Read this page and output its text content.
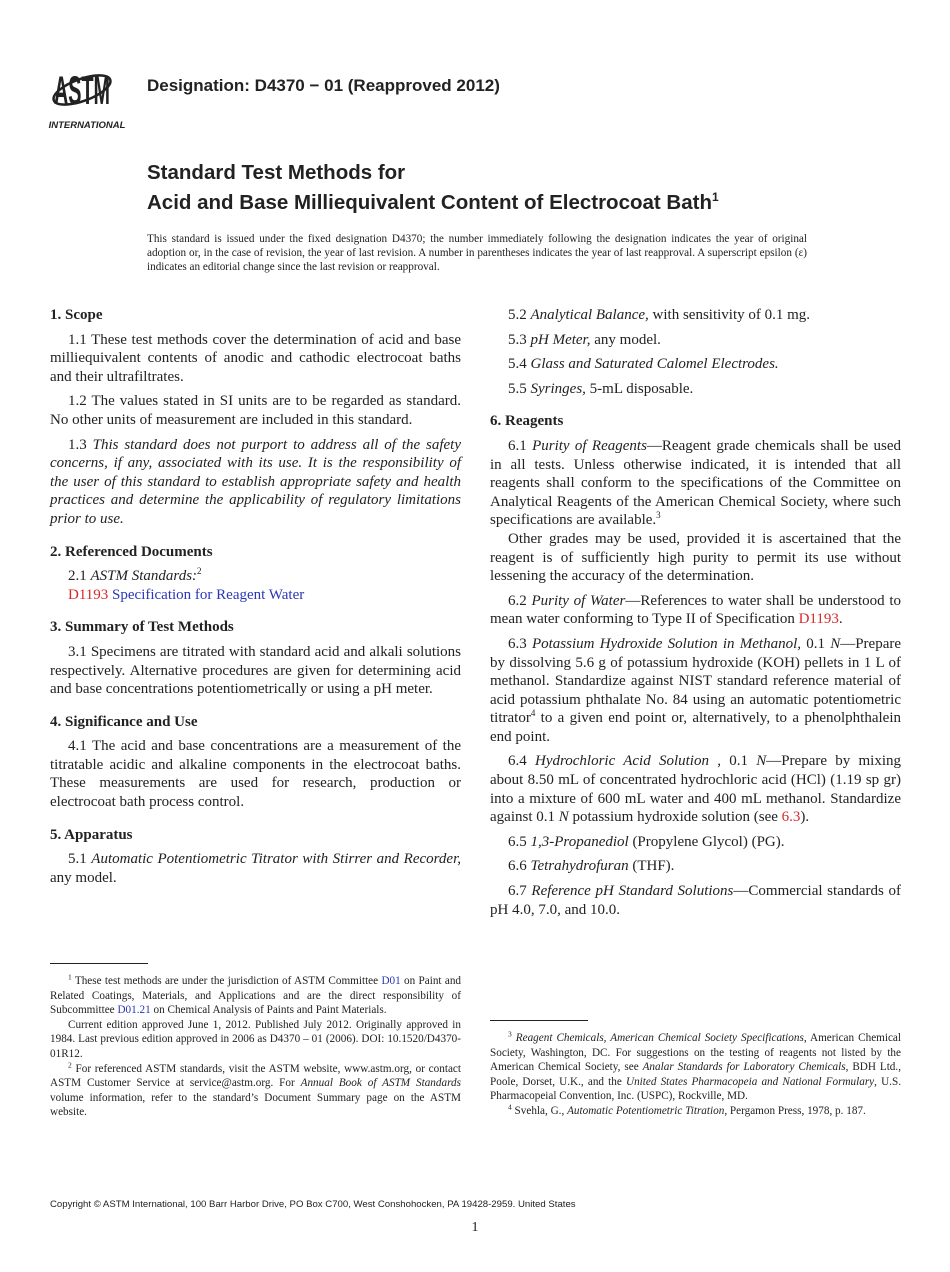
ASTM
INTERNATIONAL
Designation: D4370 − 01 (Reapproved 2012)
Standard Test Methods for
Acid and Base Milliequivalent Content of Electrocoat Bath$^1$
This standard is issued under the fixed designation D4370; the number immediately following the designation indicates the year of original adoption or, in the case of revision, the year of last revision. A number in parentheses indicates the year of last reapproval. A superscript epsilon (ε) indicates an editorial change since the last revision or reapproval.
1. Scope
1.1 These test methods cover the determination of acid and base milliequivalent contents of anodic and cathodic electrocoat baths and their ultrafiltrates.
1.2 The values stated in SI units are to be regarded as standard. No other units of measurement are included in this standard.
1.3 This standard does not purport to address all of the safety concerns, if any, associated with its use. It is the responsibility of the user of this standard to establish appropriate safety and health practices and determine the applicability of regulatory limitations prior to use.
2. Referenced Documents
2.1 ASTM Standards:$^2$
D1193 Specification for Reagent Water
3. Summary of Test Methods
3.1 Specimens are titrated with standard acid and alkali solutions respectively. Alternative procedures are given for determining acid and base concentrations potentiometrically or using a pH meter.
4. Significance and Use
4.1 The acid and base concentrations are a measurement of the titratable acidic and alkaline components in the electrocoat baths. These measurements are used for research, production or electrocoat bath process control.
5. Apparatus
5.1 Automatic Potentiometric Titrator with Stirrer and Recorder, any model.
5.2 Analytical Balance, with sensitivity of 0.1 mg.
5.3 pH Meter, any model.
5.4 Glass and Saturated Calomel Electrodes.
5.5 Syringes, 5-mL disposable.
6. Reagents
6.1 Purity of Reagents—Reagent grade chemicals shall be used in all tests. Unless otherwise indicated, it is intended that all reagents shall conform to the specifications of the Committee on Analytical Reagents of the American Chemical Society, where such specifications are available.$^3$
Other grades may be used, provided it is ascertained that the reagent is of sufficiently high purity to permit its use without lessening the accuracy of the determination.
6.2 Purity of Water—References to water shall be understood to mean water conforming to Type II of Specification D1193.
6.3 Potassium Hydroxide Solution in Methanol, 0.1 N—Prepare by dissolving 5.6 g of potassium hydroxide (KOH) pellets in 1 L of methanol. Standardize against NIST standard reference material of acid potassium phthalate No. 84 using an automatic potentiometric titrator$^4$ to a given end point or, alternatively, to a phenolphthalein end point.
6.4 Hydrochloric Acid Solution , 0.1 N—Prepare by mixing about 8.50 mL of concentrated hydrochloric acid (HCl) (1.19 sp gr) into a mixture of 600 mL water and 400 mL methanol. Standardize against 0.1 N potassium hydroxide solution (see 6.3).
6.5 1,3-Propanediol (Propylene Glycol) (PG).
6.6 Tetrahydrofuran (THF).
6.7 Reference pH Standard Solutions—Commercial standards of pH 4.0, 7.0, and 10.0.

$^1$ These test methods are under the jurisdiction of ASTM Committee D01 on Paint and Related Coatings, Materials, and Applications and are the direct responsibility of Subcommittee D01.21 on Chemical Analysis of Paints and Paint Materials.

Current edition approved June 1, 2012. Published July 2012. Originally approved in 1984. Last previous edition approved in 2006 as D4370 – 01 (2006). DOI: 10.1520/D4370-01R12.

$^2$ For referenced ASTM standards, visit the ASTM website, www.astm.org, or contact ASTM Customer Service at service@astm.org. For Annual Book of ASTM Standards volume information, refer to the standard’s Document Summary page on the ASTM website.

$^3$ Reagent Chemicals, American Chemical Society Specifications, American Chemical Society, Washington, DC. For suggestions on the testing of reagents not listed by the American Chemical Society, see Analar Standards for Laboratory Chemicals, BDH Ltd., Poole, Dorset, U.K., and the United States Pharmacopeia and National Formulary, U.S. Pharmacopeial Convention, Inc. (USPC), Rockville, MD.

$^4$ Svehla, G., Automatic Potentiometric Titration, Pergamon Press, 1978, p. 187.

Copyright © ASTM International, 100 Barr Harbor Drive, PO Box C700, West Conshohocken, PA 19428-2959. United States
1
